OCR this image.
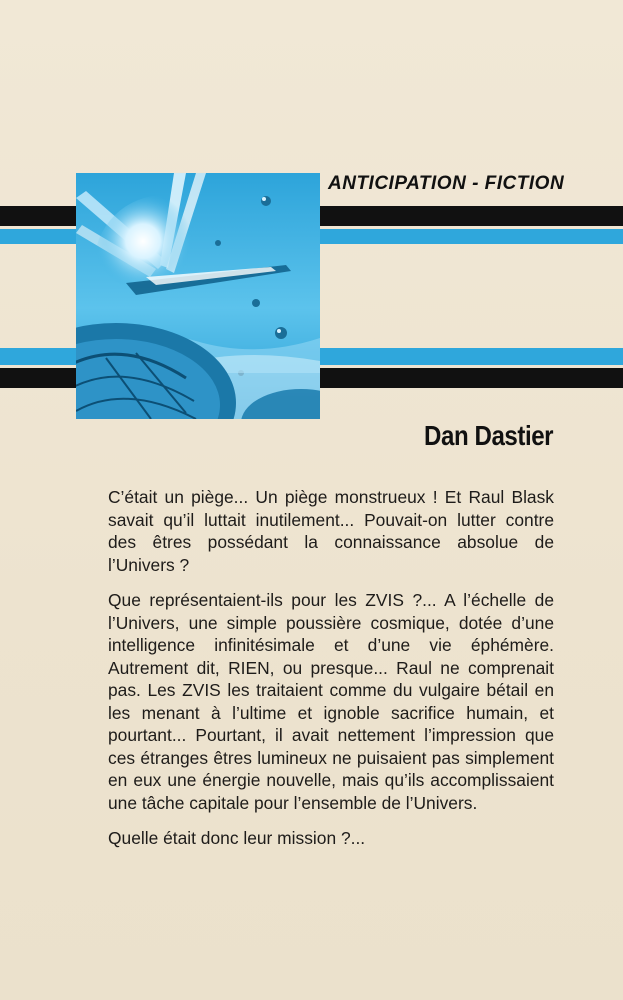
ANTICIPATION - FICTION
Dan Dastier

C’était un piège... Un piège monstrueux ! Et Raul Blask savait qu’il luttait inutilement... Pouvait-on lutter contre des êtres possédant la connaissance absolue de l’Univers ?

Que représentaient-ils pour les ZVIS ?... A l’échelle de l’Univers, une simple poussière cosmique, dotée d’une intelligence infinitésimale et d’une vie éphémère. Autrement dit, RIEN, ou presque... Raul ne comprenait pas. Les ZVIS les traitaient comme du vulgaire bétail en les menant à l’ultime et ignoble sacrifice humain, et pourtant... Pourtant, il avait nettement l’impression que ces étranges êtres lumineux ne puisaient pas simplement en eux une énergie nouvelle, mais qu’ils accomplissaient une tâche capitale pour l’ensemble de l’Univers.

Quelle était donc leur mission ?...
